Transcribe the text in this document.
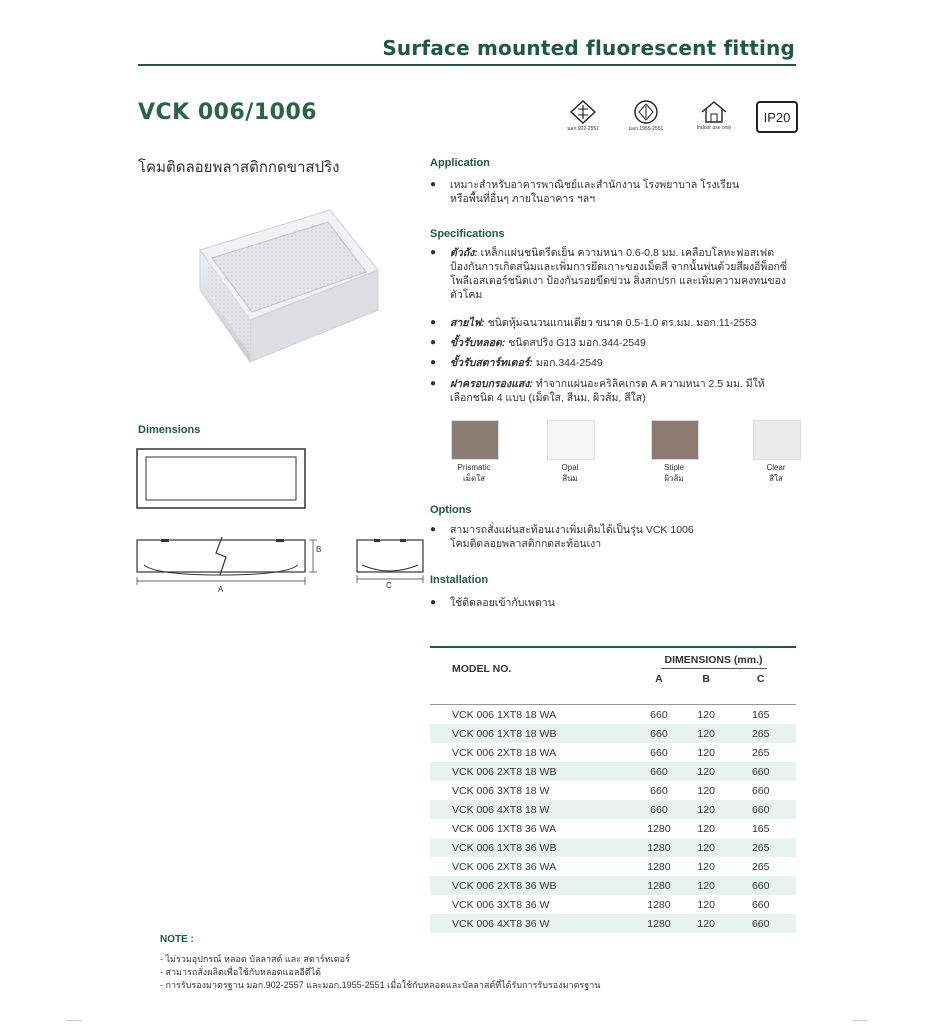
Surface mounted fluorescent fitting
VCK 006/1006
โคมติดลอยพลาสติกกดขาสปริง
มอก.902-2557	มอก.1955-2551	Indoor use only
IP20
Dimensions
B
A	C
Application
● เหมาะสำหรับอาคารพาณิชย์และสำนักงาน โรงพยาบาล โรงเรียน
หรือพื้นที่อื่นๆ ภายในอาคาร ฯลฯ
Specifications
● ตัวถัง: เหล็กแผ่นชนิดรีดเย็น ความหนา 0.6-0.8 มม. เคลือบโลหะฟอสเฟต
ป้องกันการเกิดสนิมและเพิ่มการยึดเกาะของเม็ดสี จากนั้นพ่นด้วยสีผงอีพ็อกซี่
โพลีเอสเตอร์ชนิดเงา ป้องกันรอยขีดข่วน สิ่งสกปรก และเพิ่มความคงทนของ
ตัวโคม
● สายไฟ: ชนิดหุ้มฉนวนแกนเดียว ขนาด 0.5-1.0 ตร.มม. มอก.11-2553
● ขั้วรับหลอด: ชนิดสปริง G13 มอก.344-2549
● ขั้วรับสตาร์ทเตอร์: มอก.344-2549
● ฝาครอบกรองแสง: ทำจากแผ่นอะคริลิคเกรด A ความหนา 2.5 มม. มีให้
เลือกชนิด 4 แบบ (เม็ดใส, สีนม, ผิวส้ม, สีใส)
Prismatic
เม็ดใส
Opal
สีนม
Stiple
ผิวส้ม
Clear
สีใส
Options
● สามารถสั่งแผ่นสะท้อนเงาเพิ่มเติมได้เป็นรุ่น VCK 1006
โคมติดลอยพลาสติกกดสะท้อนเงา
Installation
● ใช้ติดลอยเข้ากับเพดาน
MODEL NO.	DIMENSIONS (mm.)		
	A	B	C

VCK 006 1XT8 18 WA	660	120	165
VCK 006 1XT8 18 WB	660	120	265
VCK 006 2XT8 18 WA	660	120	265
VCK 006 2XT8 18 WB	660	120	660
VCK 006 3XT8 18 W	660	120	660
VCK 006 4XT8 18 W	660	120	660
VCK 006 1XT8 36 WA	1280	120	165
VCK 006 1XT8 36 WB	1280	120	265
VCK 006 2XT8 36 WA	1280	120	265
VCK 006 2XT8 36 WB	1280	120	660
VCK 006 3XT8 36 W	1280	120	660
VCK 006 4XT8 36 W	1280	120	660
NOTE :
- ไม่รวมอุปกรณ์ หลอด บัลลาสต์ และ สตาร์ทเตอร์
- สามารถสั่งผลิตเพื่อใช้กับหลอดแอลอีดีได้
- การรับรองมาตรฐาน มอก.902-2557 และมอก.1955-2551 เมื่อใช้กับหลอดและบัลลาสต์ที่ได้รับการรับรองมาตรฐาน
